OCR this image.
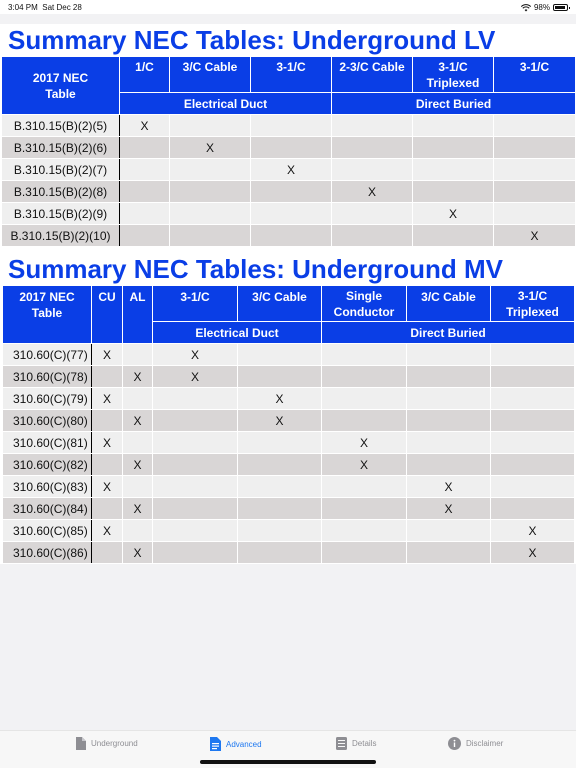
3:04 PM Sat Dec 28	98%
Summary NEC Tables: Underground LV
2017 NEC
Table	1/C	3/C Cable	3-1/C	2-3/C Cable	3-1/C
Triplexed	3-1/C
	Electrical Duct			Direct Buried		
B.310.15(B)(2)(5)	X					
B.310.15(B)(2)(6)		X				
B.310.15(B)(2)(7)			X			
B.310.15(B)(2)(8)				X		
B.310.15(B)(2)(9)					X	
B.310.15(B)(2)(10)						X
Summary NEC Tables: Underground MV
2017 NEC
Table	CU	AL	3-1/C	3/C Cable	Single
Conductor	3/C Cable	3-1/C
Triplexed
			Electrical Duct		Direct Buried		
310.60(C)(77)	X		X				
310.60(C)(78)		X	X				
310.60(C)(79)	X			X			
310.60(C)(80)		X		X			
310.60(C)(81)	X				X		
310.60(C)(82)		X			X		
310.60(C)(83)	X					X	
310.60(C)(84)		X				X	
310.60(C)(85)	X						X
310.60(C)(86)		X					X
Underground	Advanced	Details	Disclaimer
